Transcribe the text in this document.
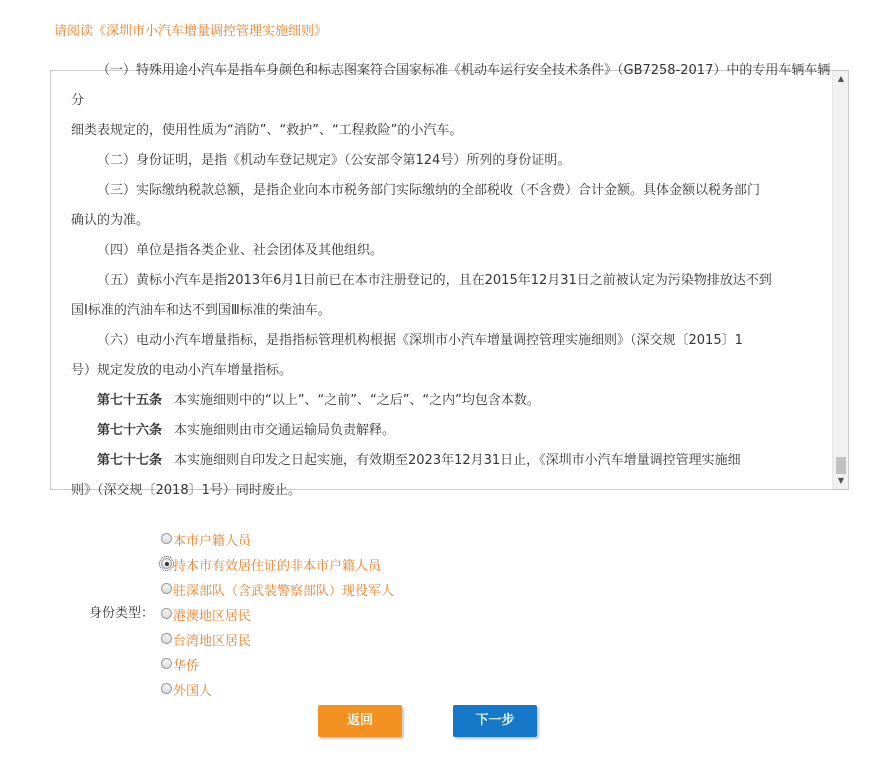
请阅读《深圳市小汽车增量调控管理实施细则》

（一）特殊用途小汽车是指车身颜色和标志图案符合国家标准《机动车运行安全技术条件》（GB7258-2017）中的专用车辆车辆分

细类表规定的，使用性质为“消防”、“救护”、“工程救险”的小汽车。

（二）身份证明，是指《机动车登记规定》（公安部令第124号）所列的身份证明。

（三）实际缴纳税款总额，是指企业向本市税务部门实际缴纳的全部税收（不含费）合计金额。具体金额以税务部门

确认的为准。

（四）单位是指各类企业、社会团体及其他组织。

（五）黄标小汽车是指2013年6月1日前已在本市注册登记的，且在2015年12月31日之前被认定为污染物排放达不到

国Ⅰ标准的汽油车和达不到国Ⅲ标准的柴油车。

（六）电动小汽车增量指标，是指指标管理机构根据《深圳市小汽车增量调控管理实施细则》（深交规〔2015〕1

号）规定发放的电动小汽车增量指标。

第七十五条 本实施细则中的“以上”、“之前”、“之后”、“之内”均包含本数。

第七十六条 本实施细则由市交通运输局负责解释。

第七十七条 本实施细则自印发之日起实施，有效期至2023年12月31日止，《深圳市小汽车增量调控管理实施细

则》（深交规〔2018〕1号）同时废止。

▲
▼
身份类型：
本市户籍人员
持本市有效居住证的非本市户籍人员
驻深部队（含武装警察部队）现役军人
港澳地区居民
台湾地区居民
华侨
外国人
返回	下一步
